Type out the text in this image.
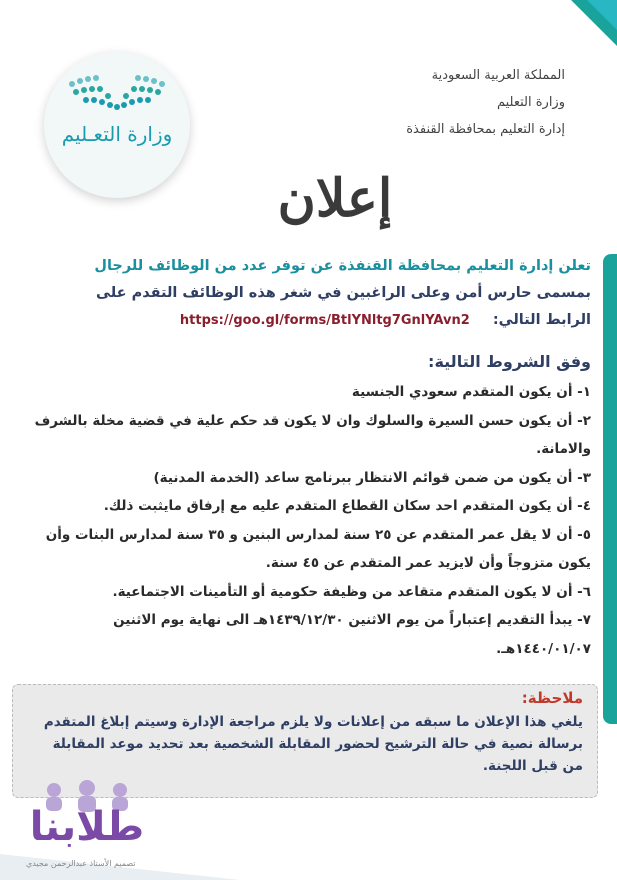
وزارة التعـليم
المملكة العربية السعودية
وزارة التعليم
إدارة التعليم بمحافظة القنفذة
إعلان
تعلن إدارة التعليم بمحافظة القنفذة عن توفر عدد من الوظائف للرجال
بمسمى حارس أمن وعلى الراغبين في شغر هذه الوظائف التقدم على
الرابط التالي: https://goo.gl/forms/BtlYNltg7GnlYAvn2
وفق الشروط التالية:
١- أن يكون المتقدم سعودي الجنسية
٢- أن يكون حسن السيرة والسلوك وان لا يكون قد حكم علية في قضية مخلة بالشرف
والامانة.
٣- أن يكون من ضمن قوائم الانتظار ببرنامج ساعد (الخدمة المدنية)
٤- أن يكون المتقدم احد سكان القطاع المتقدم عليه مع إرفاق مايثبت ذلك.
٥- أن لا يقل عمر المتقدم عن ٢٥ سنة لمدارس البنين و ٣٥ سنة لمدارس البنات وأن
يكون متزوجاً وأن لايزيد عمر المتقدم عن ٤٥ سنة.
٦- أن لا يكون المتقدم متقاعد من وظيفة حكومية أو التأمينات الاجتماعية.
٧- يبدأ التقديم إعتباراً من يوم الاثنين ١٤٣٩/١٢/٣٠هـ الى نهاية يوم الاثنين
١٤٤٠/٠١/٠٧هـ.
ملاحظة:
يلغي هذا الإعلان ما سبقه من إعلانات ولا يلزم مراجعة الإدارة وسيتم إبلاغ المتقدم
برسالة نصية في حالة الترشيح لحضور المقابلة الشخصية بعد تحديد موعد المقابلة
من قبل اللجنة.
طلابنا
تصميم الأستاذ عبدالرحمن مجيدي
